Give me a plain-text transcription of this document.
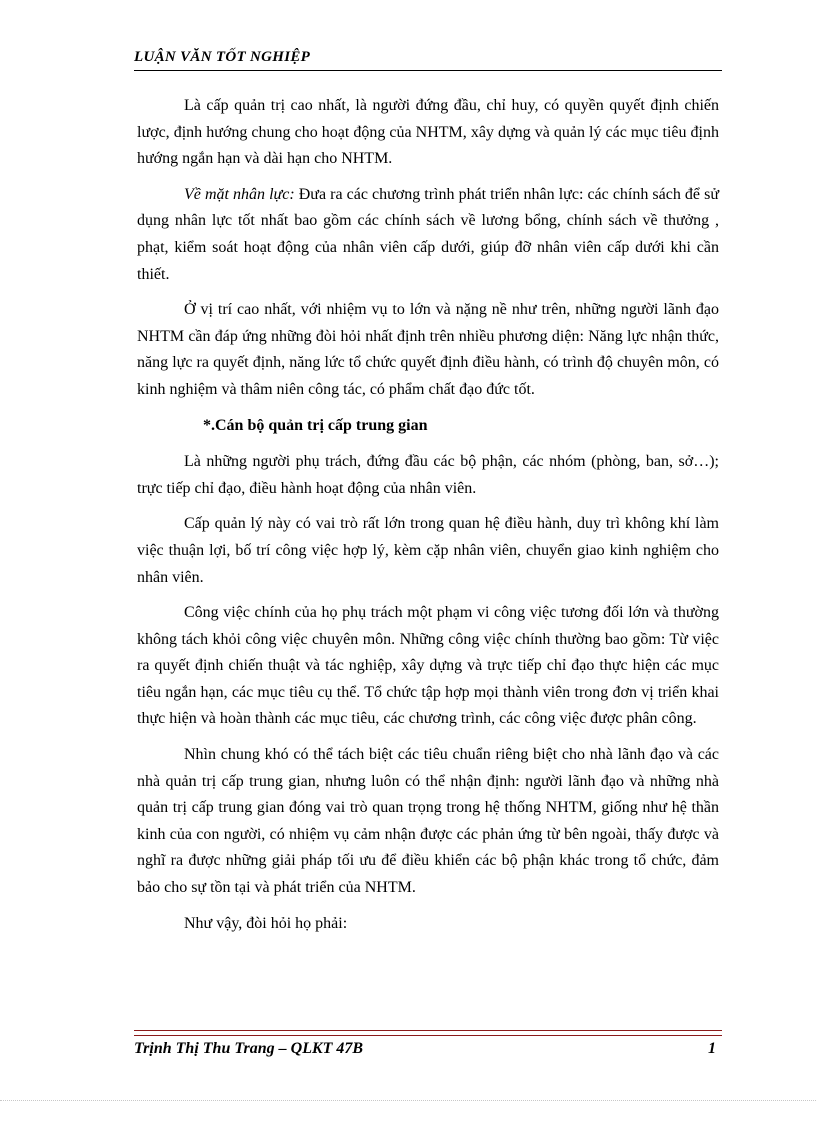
LUẬN VĂN TỐT NGHIỆP

Là cấp quản trị cao nhất, là người đứng đầu, chỉ huy, có quyền quyết định chiến lược, định hướng chung cho hoạt động của NHTM, xây dựng và quản lý các mục tiêu định hướng ngắn hạn và dài hạn cho NHTM.

Về mặt nhân lực: Đưa ra các chương trình phát triển nhân lực: các chính sách để sử dụng nhân lực tốt nhất bao gồm các chính sách về lương bổng, chính sách về thưởng , phạt, kiểm soát hoạt động của nhân viên cấp dưới, giúp đỡ nhân viên cấp dưới khi cần thiết.

Ở vị trí cao nhất, với nhiệm vụ to lớn và nặng nề như trên, những người lãnh đạo NHTM cần đáp ứng những đòi hỏi nhất định trên nhiều phương diện: Năng lực nhận thức, năng lực ra quyết định, năng lức tổ chức quyết định điều hành, có trình độ chuyên môn, có kinh nghiệm và thâm niên công tác, có phẩm chất đạo đức tốt.

*.Cán bộ quản trị cấp trung gian

Là những người phụ trách, đứng đầu các bộ phận, các nhóm (phòng, ban, sở…); trực tiếp chỉ đạo, điều hành hoạt động của nhân viên.

Cấp quản lý này có vai trò rất lớn trong quan hệ điều hành, duy trì không khí làm việc thuận lợi, bố trí công việc hợp lý, kèm cặp nhân viên, chuyển giao kinh nghiệm cho nhân viên.

Công việc chính của họ phụ trách một phạm vi công việc tương đối lớn và thường không tách khỏi công việc chuyên môn. Những công việc chính thường bao gồm: Từ việc ra quyết định chiến thuật và tác nghiệp, xây dựng và trực tiếp chỉ đạo thực hiện các mục tiêu ngắn hạn, các mục tiêu cụ thể. Tổ chức tập hợp mọi thành viên trong đơn vị triển khai thực hiện và hoàn thành các mục tiêu, các chương trình, các công việc được phân công.

Nhìn chung khó có thể tách biệt các tiêu chuẩn riêng biệt cho nhà lãnh đạo và các nhà quản trị cấp trung gian, nhưng luôn có thể nhận định: người lãnh đạo và những nhà quản trị cấp trung gian đóng vai trò quan trọng trong hệ thống NHTM, giống như hệ thần kinh của con người, có nhiệm vụ cảm nhận được các phản ứng từ bên ngoài, thấy được và nghĩ ra được những giải pháp tối ưu để điều khiển các bộ phận khác trong tổ chức, đảm bảo cho sự tồn tại và phát triển của NHTM.

Như vậy, đòi hỏi họ phải:

Trịnh Thị Thu Trang – QLKT 47B	1
